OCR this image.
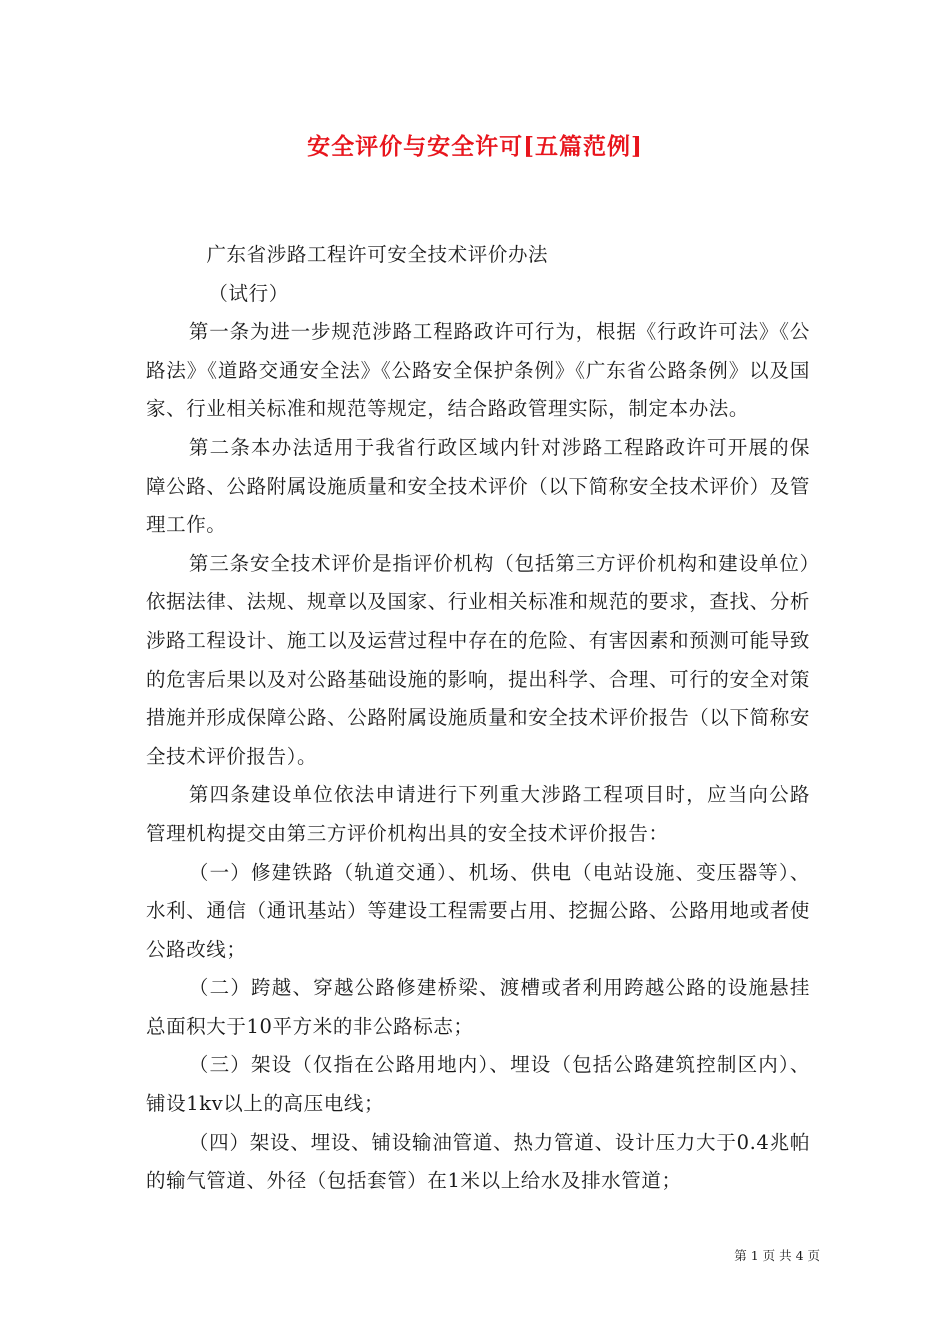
安全评价与安全许可[五篇范例]

广东省涉路工程许可安全技术评价办法

（试行）

第一条为进一步规范涉路工程路政许可行为，根据《行政许可法》《公路法》《道路交通安全法》《公路安全保护条例》《广东省公路条例》以及国家、行业相关标准和规范等规定，结合路政管理实际，制定本办法。

第二条本办法适用于我省行政区域内针对涉路工程路政许可开展的保障公路、公路附属设施质量和安全技术评价（以下简称安全技术评价）及管理工作。

第三条安全技术评价是指评价机构（包括第三方评价机构和建设单位）依据法律、法规、规章以及国家、行业相关标准和规范的要求，查找、分析涉路工程设计、施工以及运营过程中存在的危险、有害因素和预测可能导致的危害后果以及对公路基础设施的影响，提出科学、合理、可行的安全对策措施并形成保障公路、公路附属设施质量和安全技术评价报告（以下简称安全技术评价报告）。

第四条建设单位依法申请进行下列重大涉路工程项目时，应当向公路管理机构提交由第三方评价机构出具的安全技术评价报告：

（一）修建铁路（轨道交通）、机场、供电（电站设施、变压器等）、水利、通信（通讯基站）等建设工程需要占用、挖掘公路、公路用地或者使公路改线；

（二）跨越、穿越公路修建桥梁、渡槽或者利用跨越公路的设施悬挂总面积大于10平方米的非公路标志；

（三）架设（仅指在公路用地内）、埋设（包括公路建筑控制区内）、铺设1kv以上的高压电线；

（四）架设、埋设、铺设输油管道、热力管道、设计压力大于0.4兆帕的输气管道、外径（包括套管）在1米以上给水及排水管道；

第 1 页 共 4 页
